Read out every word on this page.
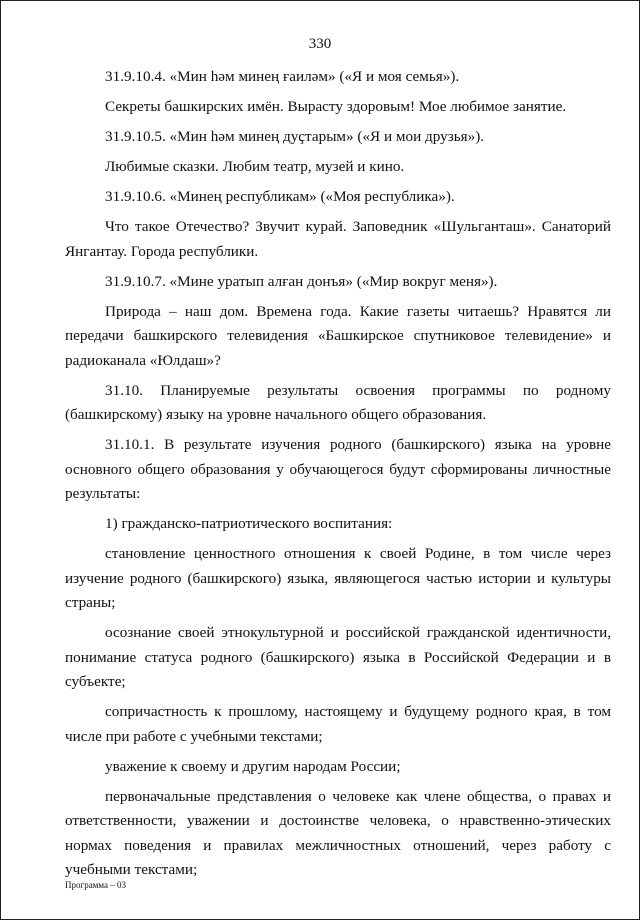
330

31.9.10.4. «Мин һәм минең ғаиләм» («Я и моя семья»).

Секреты башкирских имён. Вырасту здоровым! Мое любимое занятие.

31.9.10.5. «Мин һәм минең дуҫтарым» («Я и мои друзья»).

Любимые сказки. Любим театр, музей и кино.

31.9.10.6. «Минең республикам» («Моя республика»).

Что такое Отечество? Звучит курай. Заповедник «Шульганташ». Санаторий Янгантау. Города республики.

31.9.10.7. «Мине уратып алған донъя» («Мир вокруг меня»).

Природа – наш дом. Времена года. Какие газеты читаешь? Нравятся ли передачи башкирского телевидения «Башкирское спутниковое телевидение» и радиоканала «Юлдаш»?

31.10. Планируемые результаты освоения программы по родному (башкирскому) языку на уровне начального общего образования.

31.10.1. В результате изучения родного (башкирского) языка на уровне основного общего образования у обучающегося будут сформированы личностные результаты:

1) гражданско-патриотического воспитания:

становление ценностного отношения к своей Родине, в том числе через изучение родного (башкирского) языка, являющегося частью истории и культуры страны;

осознание своей этнокультурной и российской гражданской идентичности, понимание статуса родного (башкирского) языка в Российской Федерации и в субъекте;

сопричастность к прошлому, настоящему и будущему родного края, в том числе при работе с учебными текстами;

уважение к своему и другим народам России;

первоначальные представления о человеке как члене общества, о правах и ответственности, уважении и достоинстве человека, о нравственно-этических нормах поведения и правилах межличностных отношений, через работу с учебными текстами;

Программа – 03
